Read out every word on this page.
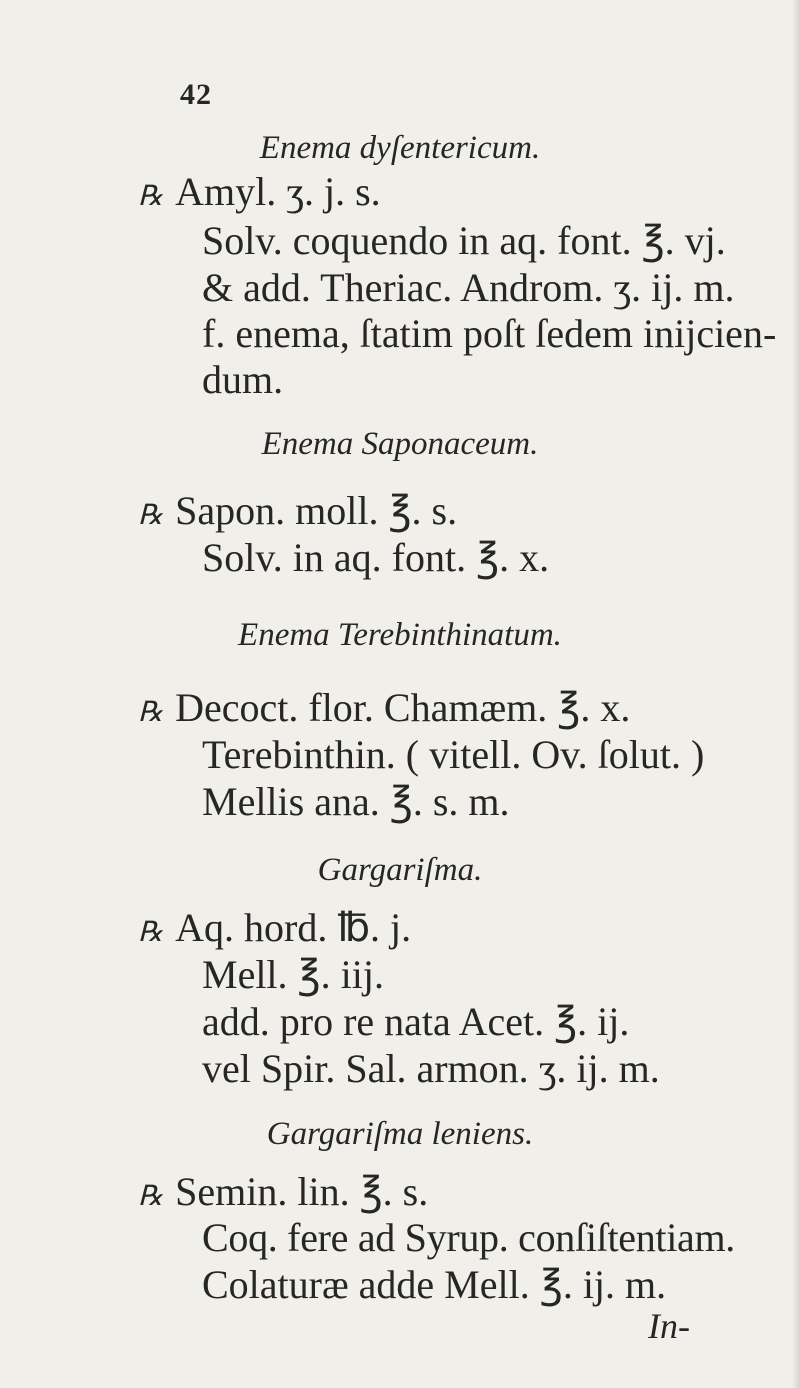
42
Enema dyſentericum.
℞ Amyl. ʒ. j. s.
Solv. coquendo in aq. font. ℥. vj.
& add. Theriac. Androm. ʒ. ij. m.
f. enema, ſtatim poſt ſedem inijcien-
dum.
Enema Saponaceum.
℞ Sapon. moll. ℥. s.
Solv. in aq. font. ℥. x.
Enema Terebinthinatum.
℞ Decoct. flor. Chamæm. ℥. x.
Terebinthin. ( vitell. Ov. ſolut. )
Mellis ana. ℥. s. m.
Gargariſma.
℞ Aq. hord. ℔. j.
Mell. ℥. iij.
add. pro re nata Acet. ℥. ij.
vel Spir. Sal. armon. ʒ. ij. m.
Gargariſma leniens.
℞ Semin. lin. ℥. s.
Coq. fere ad Syrup. conſiſtentiam.
Colaturæ adde Mell. ℥. ij. m.
In-
